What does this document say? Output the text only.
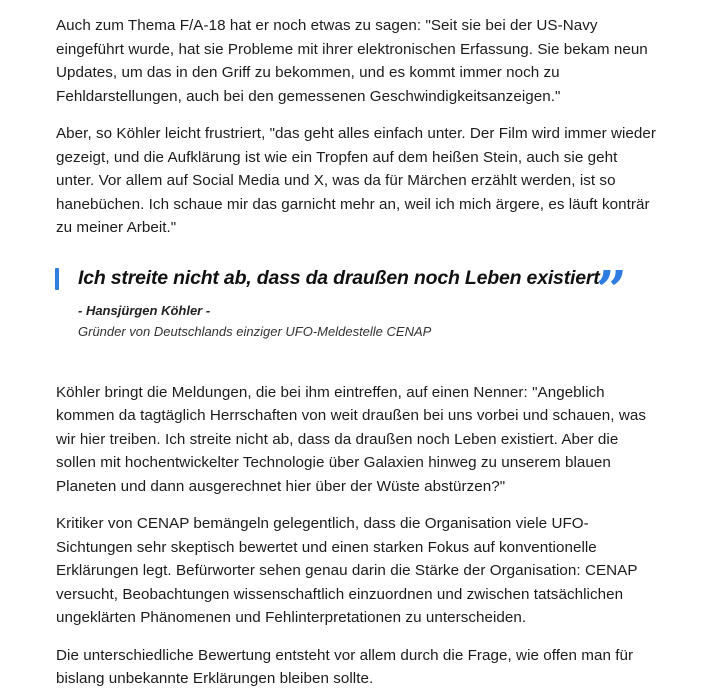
Auch zum Thema F/A-18 hat er noch etwas zu sagen: "Seit sie bei der US-Navy eingeführt wurde, hat sie Probleme mit ihrer elektronischen Erfassung. Sie bekam neun Updates, um das in den Griff zu bekommen, und es kommt immer noch zu Fehldarstellungen, auch bei den gemessenen Geschwindigkeitsanzeigen."

Aber, so Köhler leicht frustriert, "das geht alles einfach unter. Der Film wird immer wieder gezeigt, und die Aufklärung ist wie ein Tropfen auf dem heißen Stein, auch sie geht unter. Vor allem auf Social Media und X, was da für Märchen erzählt werden, ist so hanebüchen. Ich schaue mir das garnicht mehr an, weil ich mich ärgere, es läuft konträr zu meiner Arbeit."

Ich streite nicht ab, dass da draußen noch Leben existiert.
”
- Hansjürgen Köhler -
Gründer von Deutschlands einziger UFO-Meldestelle CENAP

Köhler bringt die Meldungen, die bei ihm eintreffen, auf einen Nenner: "Angeblich kommen da tagtäglich Herrschaften von weit draußen bei uns vorbei und schauen, was wir hier treiben. Ich streite nicht ab, dass da draußen noch Leben existiert. Aber die sollen mit hochentwickelter Technologie über Galaxien hinweg zu unserem blauen Planeten und dann ausgerechnet hier über der Wüste abstürzen?"

Kritiker von CENAP bemängeln gelegentlich, dass die Organisation viele UFO-Sichtungen sehr skeptisch bewertet und einen starken Fokus auf konventionelle Erklärungen legt. Befürworter sehen genau darin die Stärke der Organisation: CENAP versucht, Beobachtungen wissenschaftlich einzuordnen und zwischen tatsächlichen ungeklärten Phänomenen und Fehlinterpretationen zu unterscheiden.

Die unterschiedliche Bewertung entsteht vor allem durch die Frage, wie offen man für bislang unbekannte Erklärungen bleiben sollte.
